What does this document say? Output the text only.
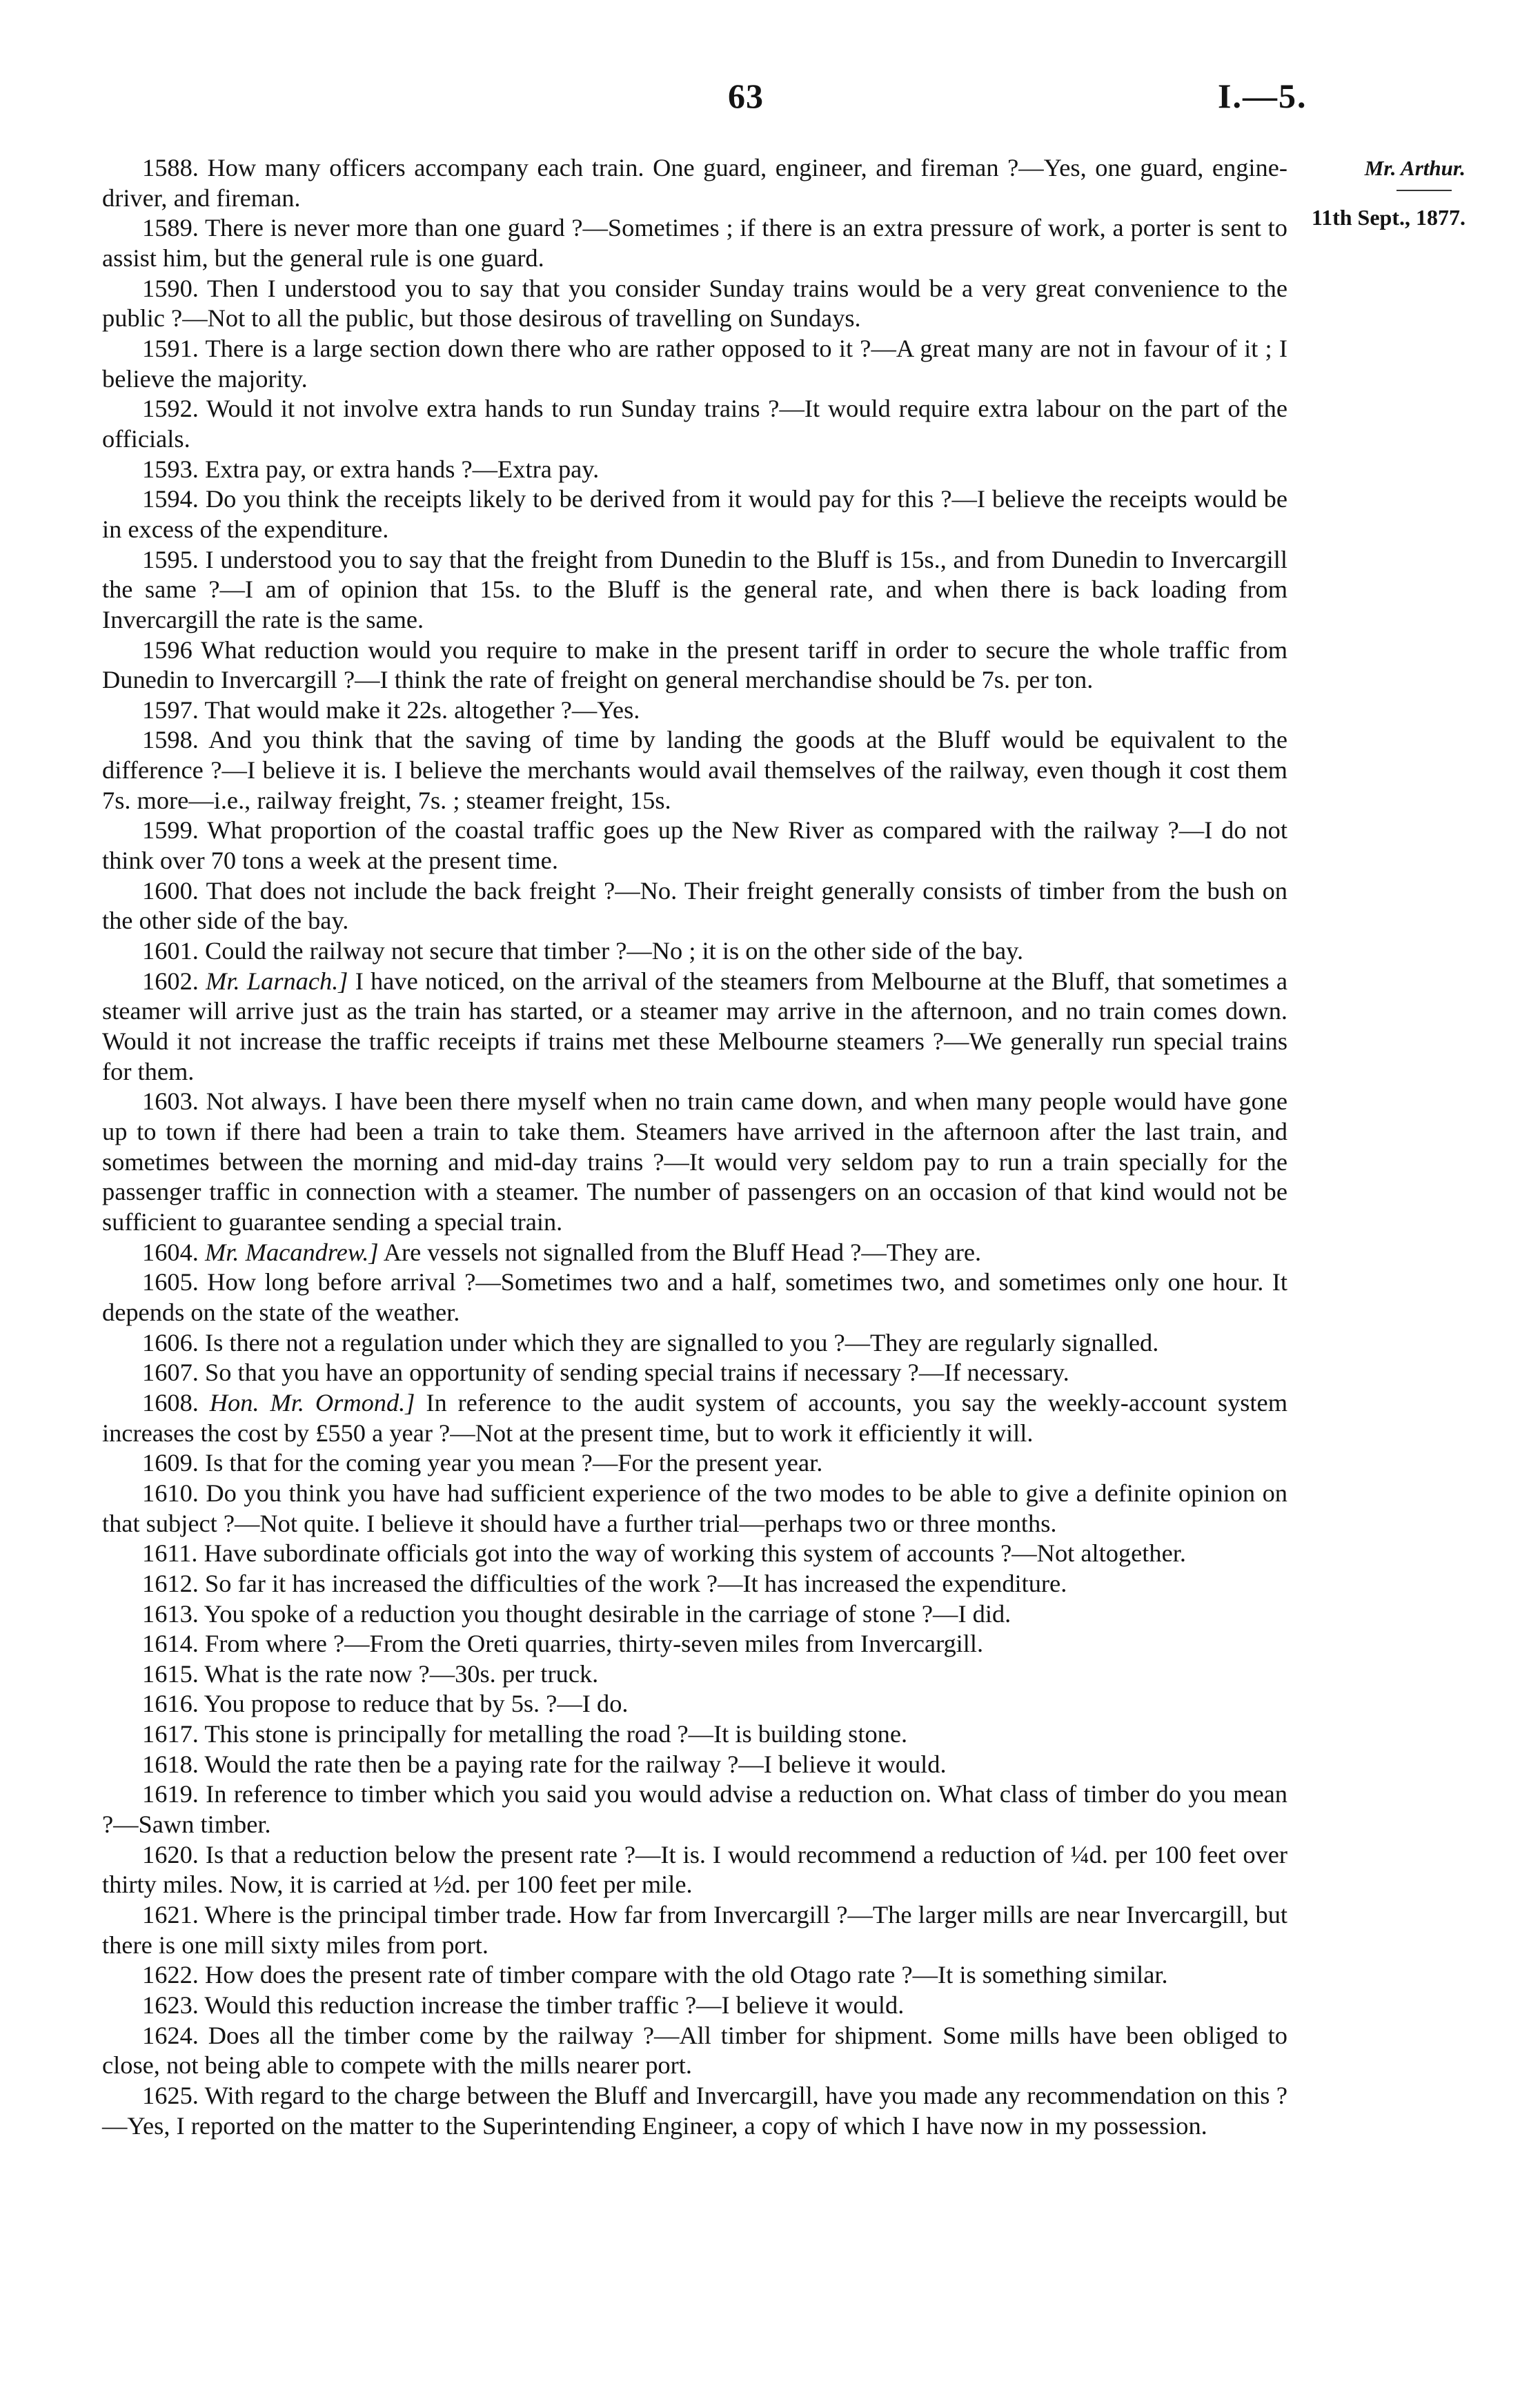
63	I.—5.
Mr. Arthur.
11th Sept., 1877.

1588. How many officers accompany each train. One guard, engineer, and fireman ?—Yes, one guard, engine-driver, and fireman.

1589. There is never more than one guard ?—Sometimes ; if there is an extra pressure of work, a porter is sent to assist him, but the general rule is one guard.

1590. Then I understood you to say that you consider Sunday trains would be a very great convenience to the public ?—Not to all the public, but those desirous of travelling on Sundays.

1591. There is a large section down there who are rather opposed to it ?—A great many are not in favour of it ; I believe the majority.

1592. Would it not involve extra hands to run Sunday trains ?—It would require extra labour on the part of the officials.

1593. Extra pay, or extra hands ?—Extra pay.

1594. Do you think the receipts likely to be derived from it would pay for this ?—I believe the receipts would be in excess of the expenditure.

1595. I understood you to say that the freight from Dunedin to the Bluff is 15s., and from Dunedin to Invercargill the same ?—I am of opinion that 15s. to the Bluff is the general rate, and when there is back loading from Invercargill the rate is the same.

1596 What reduction would you require to make in the present tariff in order to secure the whole traffic from Dunedin to Invercargill ?—I think the rate of freight on general merchandise should be 7s. per ton.

1597. That would make it 22s. altogether ?—Yes.

1598. And you think that the saving of time by landing the goods at the Bluff would be equivalent to the difference ?—I believe it is. I believe the merchants would avail themselves of the railway, even though it cost them 7s. more—i.e., railway freight, 7s. ; steamer freight, 15s.

1599. What proportion of the coastal traffic goes up the New River as compared with the railway ?—I do not think over 70 tons a week at the present time.

1600. That does not include the back freight ?—No. Their freight generally consists of timber from the bush on the other side of the bay.

1601. Could the railway not secure that timber ?—No ; it is on the other side of the bay.

1602. Mr. Larnach.] I have noticed, on the arrival of the steamers from Melbourne at the Bluff, that sometimes a steamer will arrive just as the train has started, or a steamer may arrive in the afternoon, and no train comes down. Would it not increase the traffic receipts if trains met these Melbourne steamers ?—We generally run special trains for them.

1603. Not always. I have been there myself when no train came down, and when many people would have gone up to town if there had been a train to take them. Steamers have arrived in the afternoon after the last train, and sometimes between the morning and mid-day trains ?—It would very seldom pay to run a train specially for the passenger traffic in connection with a steamer. The number of passengers on an occasion of that kind would not be sufficient to guarantee sending a special train.

1604. Mr. Macandrew.] Are vessels not signalled from the Bluff Head ?—They are.

1605. How long before arrival ?—Sometimes two and a half, sometimes two, and sometimes only one hour. It depends on the state of the weather.

1606. Is there not a regulation under which they are signalled to you ?—They are regularly signalled.

1607. So that you have an opportunity of sending special trains if necessary ?—If necessary.

1608. Hon. Mr. Ormond.] In reference to the audit system of accounts, you say the weekly-account system increases the cost by £550 a year ?—Not at the present time, but to work it efficiently it will.

1609. Is that for the coming year you mean ?—For the present year.

1610. Do you think you have had sufficient experience of the two modes to be able to give a definite opinion on that subject ?—Not quite. I believe it should have a further trial—perhaps two or three months.

1611. Have subordinate officials got into the way of working this system of accounts ?—Not altogether.

1612. So far it has increased the difficulties of the work ?—It has increased the expenditure.

1613. You spoke of a reduction you thought desirable in the carriage of stone ?—I did.

1614. From where ?—From the Oreti quarries, thirty-seven miles from Invercargill.

1615. What is the rate now ?—30s. per truck.

1616. You propose to reduce that by 5s. ?—I do.

1617. This stone is principally for metalling the road ?—It is building stone.

1618. Would the rate then be a paying rate for the railway ?—I believe it would.

1619. In reference to timber which you said you would advise a reduction on. What class of timber do you mean ?—Sawn timber.

1620. Is that a reduction below the present rate ?—It is. I would recommend a reduction of ¼d. per 100 feet over thirty miles. Now, it is carried at ½d. per 100 feet per mile.

1621. Where is the principal timber trade. How far from Invercargill ?—The larger mills are near Invercargill, but there is one mill sixty miles from port.

1622. How does the present rate of timber compare with the old Otago rate ?—It is something similar.

1623. Would this reduction increase the timber traffic ?—I believe it would.

1624. Does all the timber come by the railway ?—All timber for shipment. Some mills have been obliged to close, not being able to compete with the mills nearer port.

1625. With regard to the charge between the Bluff and Invercargill, have you made any recommendation on this ?—Yes, I reported on the matter to the Superintending Engineer, a copy of which I have now in my possession.
